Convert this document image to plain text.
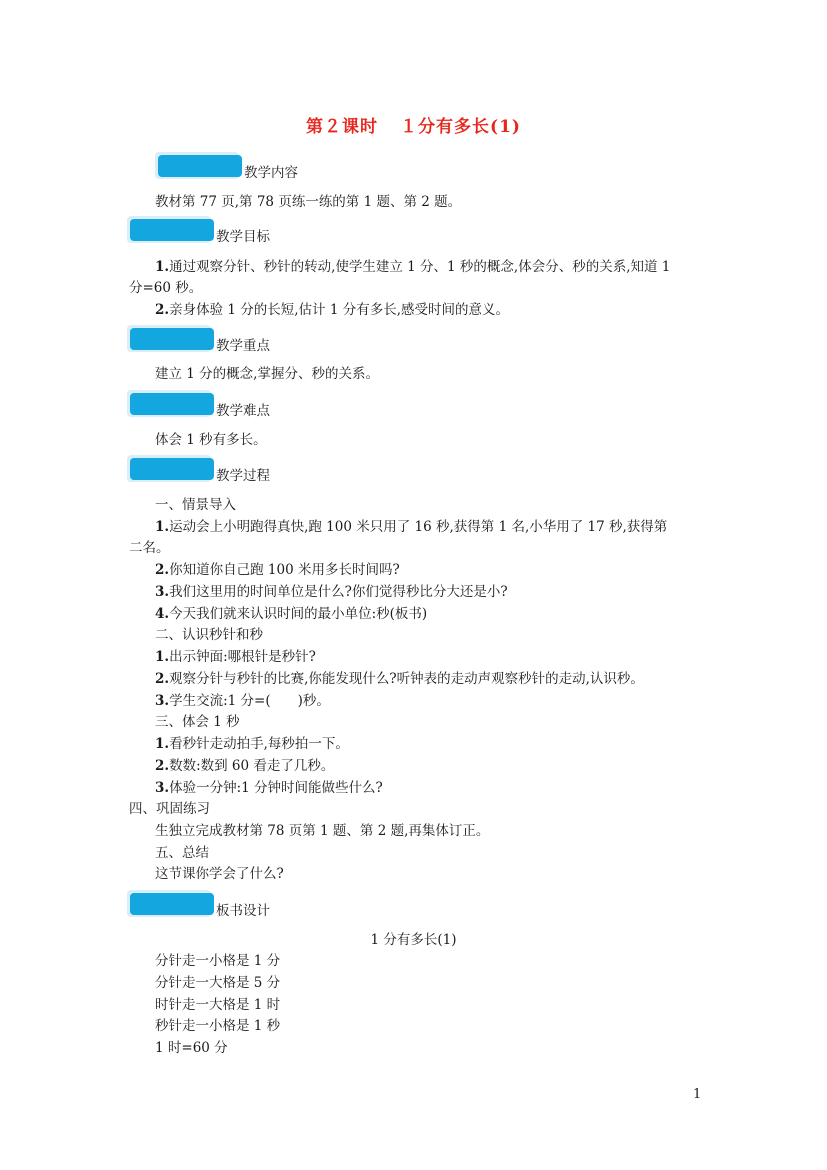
第２课时 １分有多长(1)
教学内容
教材第 77 页,第 78 页练一练的第 1 题、第 2 题。
教学目标
1.通过观察分针、秒针的转动,使学生建立 1 分、1 秒的概念,体会分、秒的关系,知道 1
分=60 秒。
2.亲身体验 1 分的长短,估计 1 分有多长,感受时间的意义。
教学重点
建立 1 分的概念,掌握分、秒的关系。
教学难点
体会 1 秒有多长。
教学过程
一、情景导入
1.运动会上小明跑得真快,跑 100 米只用了 16 秒,获得第 1 名,小华用了 17 秒,获得第
二名。
2.你知道你自己跑 100 米用多长时间吗?
3.我们这里用的时间单位是什么?你们觉得秒比分大还是小?
4.今天我们就来认识时间的最小单位:秒(板书)
二、认识秒针和秒
1.出示钟面:哪根针是秒针?
2.观察分针与秒针的比赛,你能发现什么?听钟表的走动声观察秒针的走动,认识秒。
3.学生交流:1 分=(　　)秒。
三、体会 1 秒
1.看秒针走动拍手,每秒拍一下。
2.数数:数到 60 看走了几秒。
3.体验一分钟:1 分钟时间能做些什么?
四、巩固练习
生独立完成教材第 78 页第 1 题、第 2 题,再集体订正。
五、总结
这节课你学会了什么?
板书设计
1 分有多长(1)
分针走一小格是 1 分
分针走一大格是 5 分
时针走一大格是 1 时
秒针走一小格是 1 秒
1 时=60 分
1
